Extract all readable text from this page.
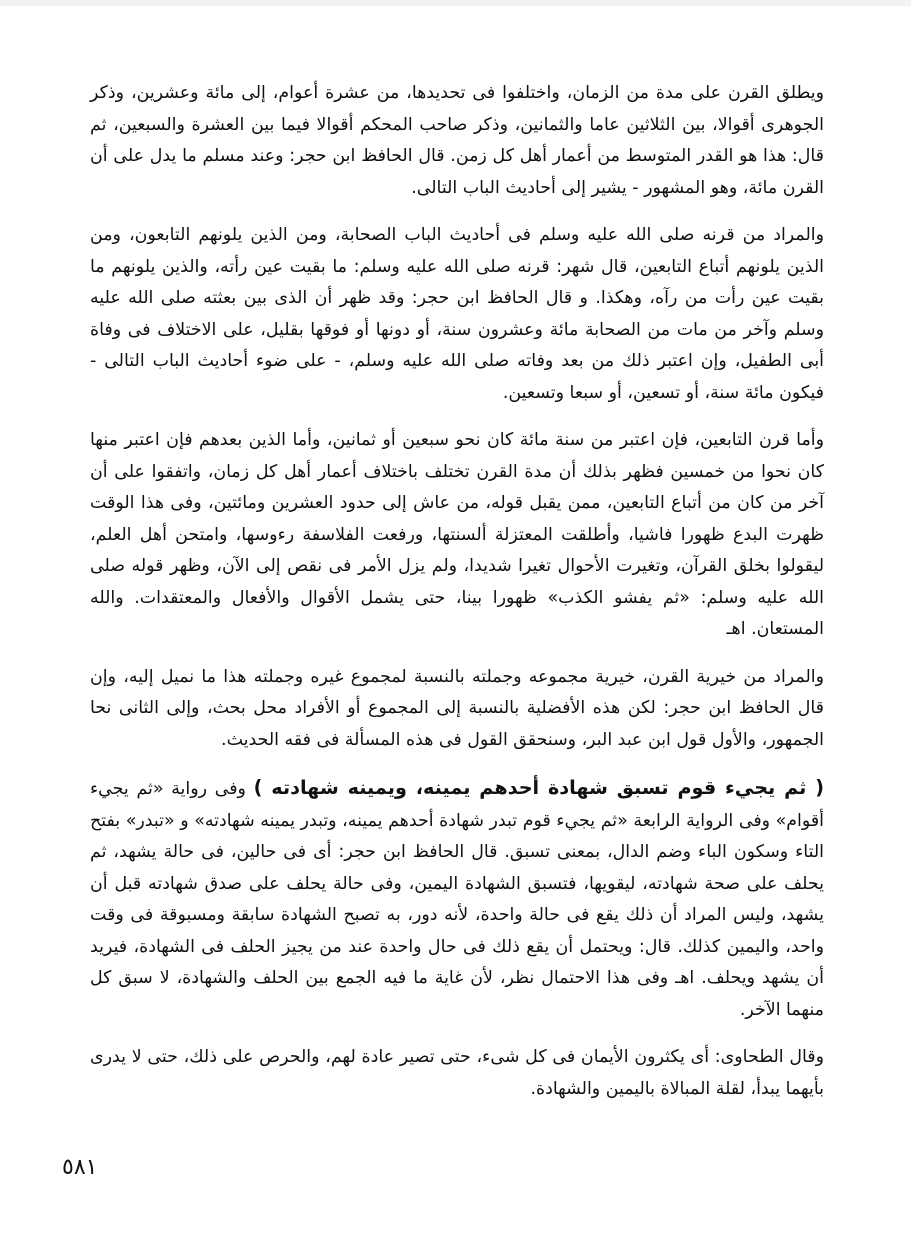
ويطلق القرن على مدة من الزمان، واختلفوا فى تحديدها، من عشرة أعوام، إلى مائة وعشرين، وذكر الجوهرى أقوالا، بين الثلاثين عاما والثمانين، وذكر صاحب المحكم أقوالا فيما بين العشرة والسبعين، ثم قال: هذا هو القدر المتوسط من أعمار أهل كل زمن. قال الحافظ ابن حجر: وعند مسلم ما يدل على أن القرن مائة، وهو المشهور - يشير إلى أحاديث الباب التالى.

والمراد من قرنه صلى الله عليه وسلم فى أحاديث الباب الصحابة، ومن الذين يلونهم التابعون، ومن الذين يلونهم أتباع التابعين، قال شهر: قرنه صلى الله عليه وسلم: ما بقيت عين رأته، والذين يلونهم ما بقيت عين رأت من رآه، وهكذا. و قال الحافظ ابن حجر: وقد ظهر أن الذى بين بعثته صلى الله عليه وسلم وآخر من مات من الصحابة مائة وعشرون سنة، أو دونها أو فوقها بقليل، على الاختلاف فى وفاة أبى الطفيل، وإن اعتبر ذلك من بعد وفاته صلى الله عليه وسلم، - على ضوء أحاديث الباب التالى - فيكون مائة سنة، أو تسعين، أو سبعا وتسعين.

وأما قرن التابعين، فإن اعتبر من سنة مائة كان نحو سبعين أو ثمانين، وأما الذين بعدهم فإن اعتبر منها كان نحوا من خمسين فظهر بذلك أن مدة القرن تختلف باختلاف أعمار أهل كل زمان، واتفقوا على أن آخر من كان من أتباع التابعين، ممن يقبل قوله، من عاش إلى حدود العشرين ومائتين، وفى هذا الوقت ظهرت البدع ظهورا فاشيا، وأطلقت المعتزلة ألسنتها، ورفعت الفلاسفة رءوسها، وامتحن أهل العلم، ليقولوا بخلق القرآن، وتغيرت الأحوال تغيرا شديدا، ولم يزل الأمر فى نقص إلى الآن، وظهر قوله صلى الله عليه وسلم: «ثم يفشو الكذب» ظهورا بينا، حتى يشمل الأقوال والأفعال والمعتقدات. والله المستعان. اهـ

والمراد من خيرية القرن، خيرية مجموعه وجملته بالنسبة لمجموع غيره وجملته هذا ما نميل إليه، وإن قال الحافظ ابن حجر: لكن هذه الأفضلية بالنسبة إلى المجموع أو الأفراد محل بحث، وإلى الثانى نحا الجمهور، والأول قول ابن عبد البر، وسنحقق القول فى هذه المسألة فى فقه الحديث.

( ثم يجيء قوم تسبق شهادة أحدهم يمينه، ويمينه شهادته ) وفى رواية «ثم يجيء أقوام» وفى الرواية الرابعة «ثم يجيء قوم تبدر شهادة أحدهم يمينه، وتبدر يمينه شهادته» و «تبدر» بفتح التاء وسكون الباء وضم الدال، بمعنى تسبق. قال الحافظ ابن حجر: أى فى حالين، فى حالة يشهد، ثم يحلف على صحة شهادته، ليقويها، فتسبق الشهادة اليمين، وفى حالة يحلف على صدق شهادته قبل أن يشهد، وليس المراد أن ذلك يقع فى حالة واحدة، لأنه دور، به تصبح الشهادة سابقة ومسبوقة فى وقت واحد، واليمين كذلك. قال: ويحتمل أن يقع ذلك فى حال واحدة عند من يجيز الحلف فى الشهادة، فيريد أن يشهد ويحلف. اهـ وفى هذا الاحتمال نظر، لأن غاية ما فيه الجمع بين الحلف والشهادة، لا سبق كل منهما الآخر.

وقال الطحاوى: أى يكثرون الأيمان فى كل شىء، حتى تصير عادة لهم، والحرص على ذلك، حتى لا يدرى بأيهما يبدأ، لقلة المبالاة باليمين والشهادة.

٥٨١
